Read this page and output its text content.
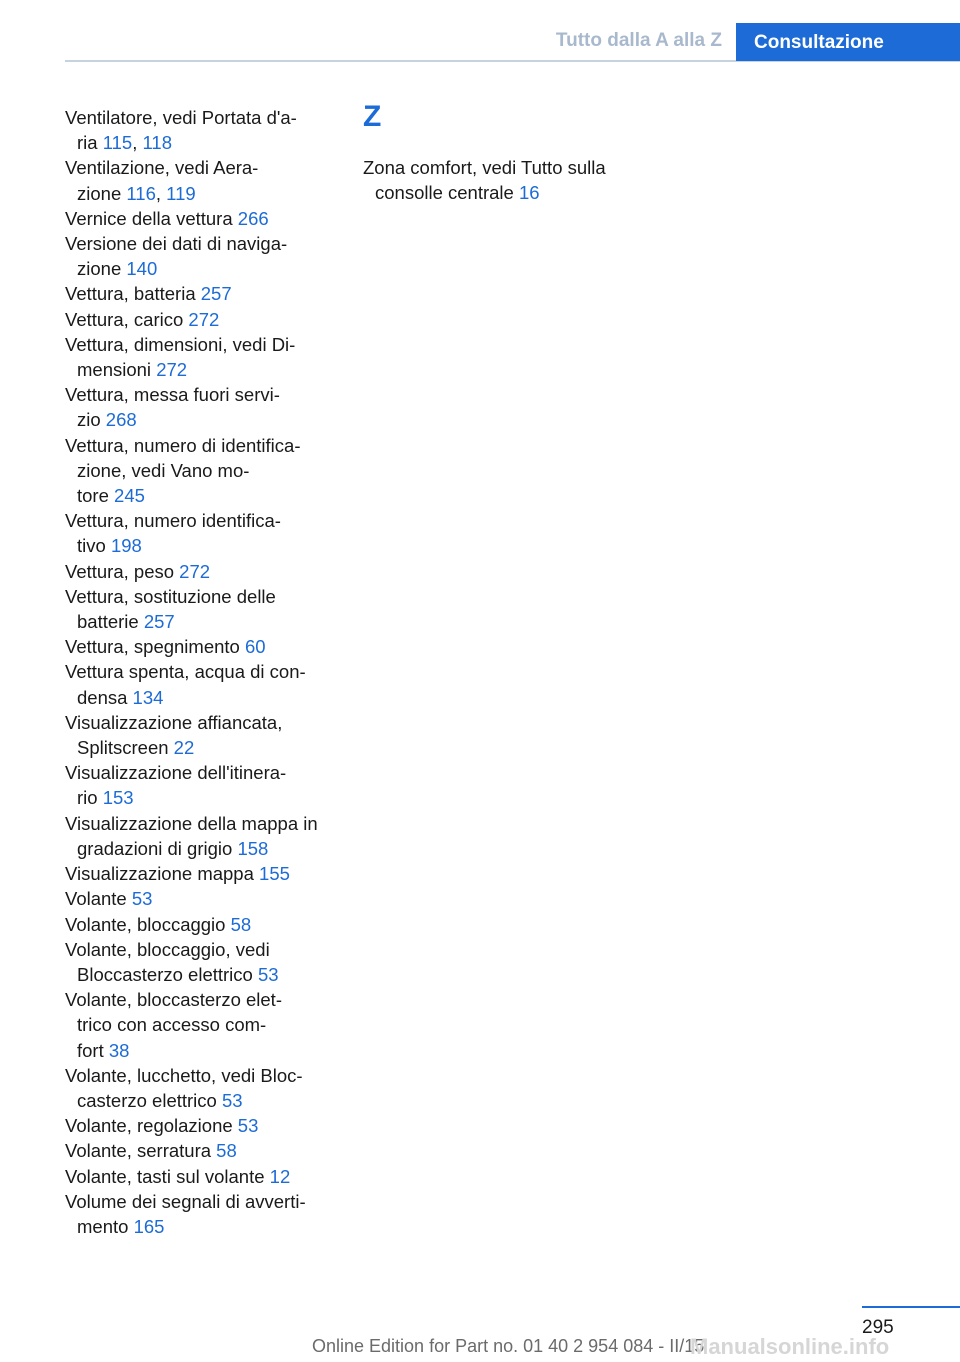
Tutto dalla A alla Z	Consultazione
Ventilatore, vedi Portata d'a-
ria 115, 118
Ventilazione, vedi Aera-
zione 116, 119
Vernice della vettura 266
Versione dei dati di naviga-
zione 140
Vettura, batteria 257
Vettura, carico 272
Vettura, dimensioni, vedi Di-
mensioni 272
Vettura, messa fuori servi-
zio 268
Vettura, numero di identifica-
zione, vedi Vano mo-
tore 245
Vettura, numero identifica-
tivo 198
Vettura, peso 272
Vettura, sostituzione delle
batterie 257
Vettura, spegnimento 60
Vettura spenta, acqua di con-
densa 134
Visualizzazione affiancata,
Splitscreen 22
Visualizzazione dell'itinera-
rio 153
Visualizzazione della mappa in
gradazioni di grigio 158
Visualizzazione mappa 155
Volante 53
Volante, bloccaggio 58
Volante, bloccaggio, vedi
Bloccasterzo elettrico 53
Volante, bloccasterzo elet-
trico con accesso com-
fort 38
Volante, lucchetto, vedi Bloc-
casterzo elettrico 53
Volante, regolazione 53
Volante, serratura 58
Volante, tasti sul volante 12
Volume dei segnali di avverti-
mento 165
Z
Zona comfort, vedi Tutto sulla
consolle centrale 16
295
Online Edition for Part no. 01 40 2 954 084 - II/15
Manualsonline.info
